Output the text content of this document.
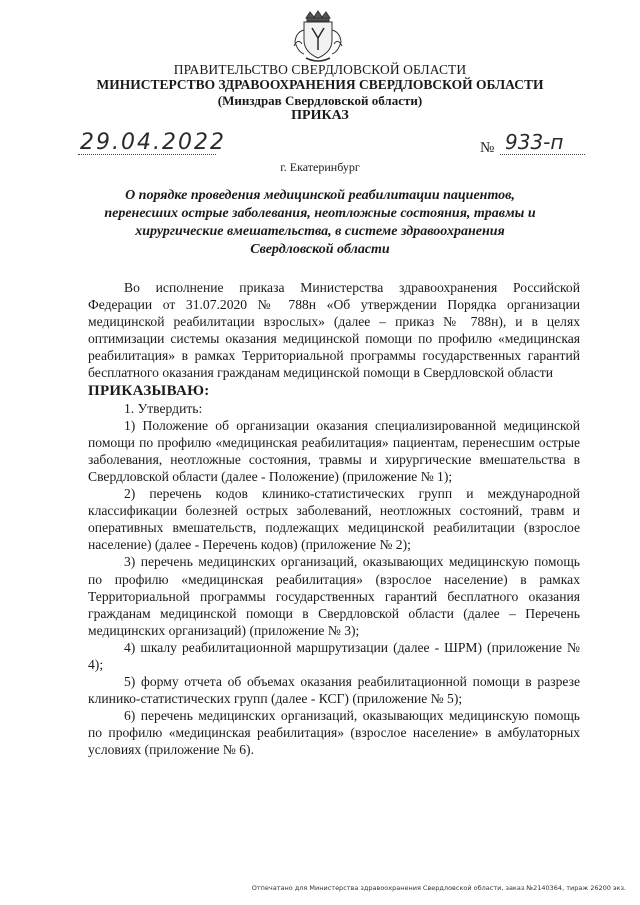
ПРАВИТЕЛЬСТВО СВЕРДЛОВСКОЙ ОБЛАСТИ
МИНИСТЕРСТВО ЗДРАВООХРАНЕНИЯ СВЕРДЛОВСКОЙ ОБЛАСТИ
(Минздрав Свердловской области)
ПРИКАЗ
29.04.2022	№ 933-п
г. Екатеринбург
О порядке проведения медицинской реабилитации пациентов, перенесших острые заболевания, неотложные состояния, травмы и хирургические вмешательства, в системе здравоохранения Свердловской области

Во исполнение приказа Министерства здравоохранения Российской Федерации от 31.07.2020 № 788н «Об утверждении Порядка организации медицинской реабилитации взрослых» (далее – приказ № 788н), и в целях оптимизации системы оказания медицинской помощи по профилю «медицинская реабилитация» в рамках Территориальной программы государственных гарантий бесплатного оказания гражданам медицинской помощи в Свердловской области

ПРИКАЗЫВАЮ:

1. Утвердить:

1) Положение об организации оказания специализированной медицинской помощи по профилю «медицинская реабилитация» пациентам, перенесшим острые заболевания, неотложные состояния, травмы и хирургические вмешательства в Свердловской области (далее - Положение) (приложение № 1);

2) перечень кодов клинико-статистических групп и международной классификации болезней острых заболеваний, неотложных состояний, травм и оперативных вмешательств, подлежащих медицинской реабилитации (взрослое население) (далее - Перечень кодов) (приложение № 2);

3) перечень медицинских организаций, оказывающих медицинскую помощь по профилю «медицинская реабилитация» (взрослое население) в рамках Территориальной программы государственных гарантий бесплатного оказания гражданам медицинской помощи в Свердловской области (далее – Перечень медицинских организаций) (приложение № 3);

4) шкалу реабилитационной маршрутизации (далее - ШРМ) (приложение № 4);

5) форму отчета об объемах оказания реабилитационной помощи в разрезе клинико-статистических групп (далее - КСГ) (приложение № 5);

6) перечень медицинских организаций, оказывающих медицинскую помощь по профилю «медицинская реабилитация» (взрослое население» в амбулаторных условиях (приложение № 6).

Отпечатано для Министерства здравоохранения Свердловской области, заказ №2140364, тираж 26200 экз.
